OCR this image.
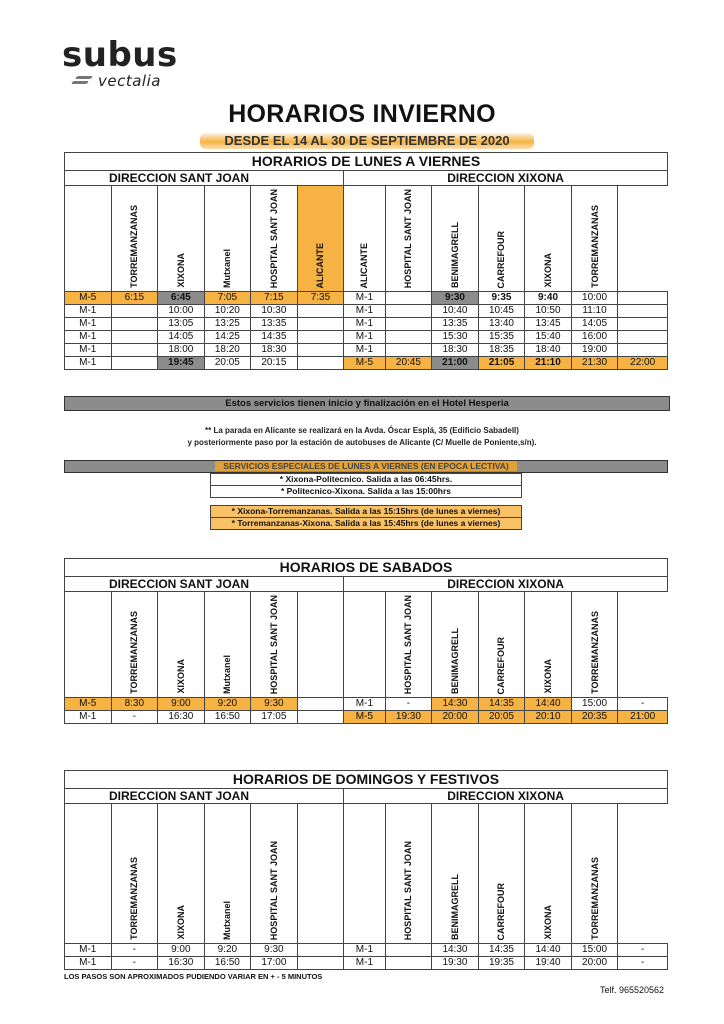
subus
vectalia
HORARIOS INVIERNO
DESDE EL 14 AL 30 DE SEPTIEMBRE DE 2020
HORARIOS DE LUNES A VIERNES												
DIRECCION SANT JOAN						DIRECCION XIXONA						
	TORREMANZANAS	XIXONA	Mutxanel	HOSPITAL SANT JOAN	ALICANTE	ALICANTE	HOSPITAL SANT JOAN	BENIMAGRELL	CARREFOUR	XIXONA	TORREMANZANAS	
M-5	6:15	6:45	7:05	7:15	7:35	M-1		9:30	9:35	9:40	10:00	
M-1		10:00	10:20	10:30		M-1		10:40	10:45	10:50	11:10	
M-1		13:05	13:25	13:35		M-1		13:35	13:40	13:45	14:05	
M-1		14:05	14:25	14:35		M-1		15:30	15:35	15:40	16:00	
M-1		18:00	18:20	18:30		M-1		18:30	18:35	18:40	19:00	
M-1		19:45	20:05	20:15		M-5	20:45	21:00	21:05	21:10	21:30	22:00
Estos servicios tienen inicio y finalización en el Hotel Hesperia
** La parada en Alicante se realizará en la Avda. Óscar Esplá, 35 (Edificio Sabadell)
y posteriormente paso por la estación de autobuses de Alicante (C/ Muelle de Poniente,s/n).
SERVICIOS ESPECIALES DE LUNES A VIERNES (EN EPOCA LECTIVA)
* Xixona-Politecnico. Salida a las 06:45hrs.
* Politecnico-Xixona. Salida a las 15:00hrs
* Xixona-Torremanzanas. Salida a las 15:15hrs (de lunes a viernes)
* Torremanzanas-Xixona. Salida a las 15:45hrs (de lunes a viernes)
HORARIOS DE SABADOS												
DIRECCION SANT JOAN						DIRECCION XIXONA						
	TORREMANZANAS	XIXONA	Mutxanel	HOSPITAL SANT JOAN			HOSPITAL SANT JOAN	BENIMAGRELL	CARREFOUR	XIXONA	TORREMANZANAS	
M-5	8:30	9:00	9:20	9:30		M-1	-	14:30	14:35	14:40	15:00	-
M-1	-	16:30	16:50	17:05		M-5	19:30	20:00	20:05	20:10	20:35	21:00
HORARIOS DE DOMINGOS Y FESTIVOS												
DIRECCION SANT JOAN						DIRECCION XIXONA						
	TORREMANZANAS	XIXONA	Mutxanel	HOSPITAL SANT JOAN			HOSPITAL SANT JOAN	BENIMAGRELL	CARREFOUR	XIXONA	TORREMANZANAS	
M-1	-	9:00	9:20	9:30		M-1		14:30	14:35	14:40	15:00	-
M-1	-	16:30	16:50	17:00		M-1		19:30	19:35	19:40	20:00	-
LOS PASOS SON APROXIMADOS PUDIENDO VARIAR EN + - 5 MINUTOS
Telf. 965520562
